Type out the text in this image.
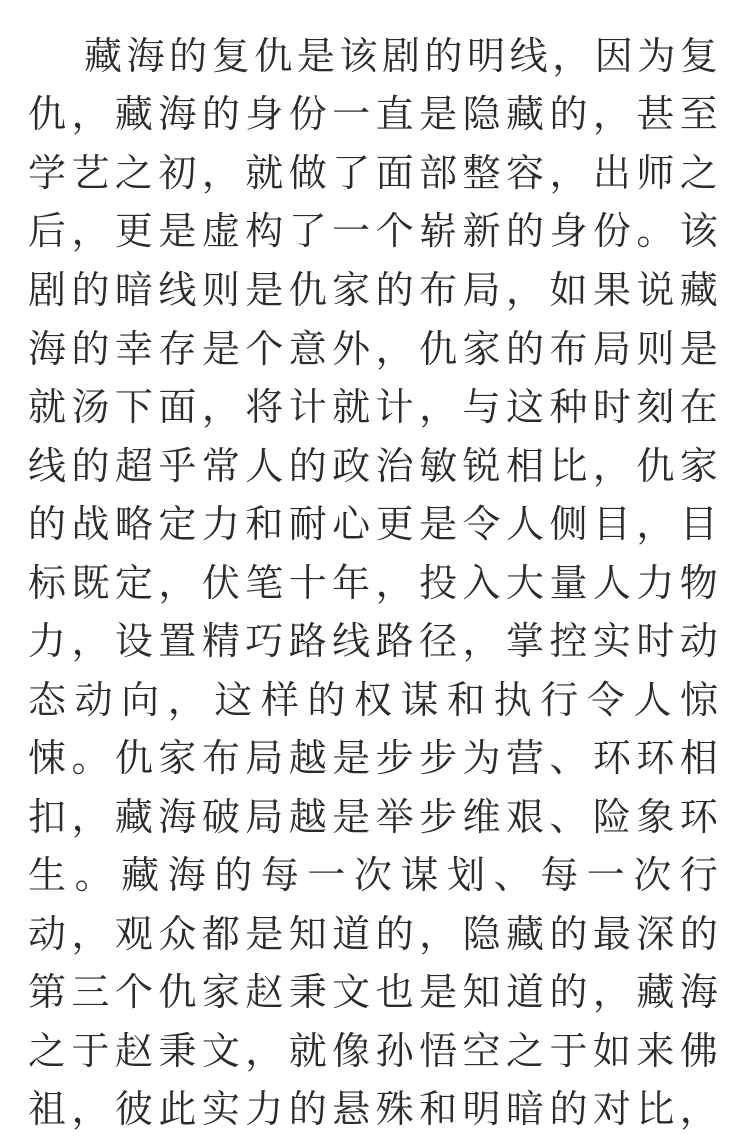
藏 海 的 复 仇 是 该 剧 的 明 线 ， 因 为 复
仇 ， 藏 海 的 身 份 一 直 是 隐 藏 的 ， 甚 至
学 艺 之 初 ， 就 做 了 面 部 整 容 ， 出 师 之
后 ， 更 是 虚 构 了 一 个 崭 新 的 身 份 。 该
剧 的 暗 线 则 是 仇 家 的 布 局 ， 如 果 说 藏
海 的 幸 存 是 个 意 外 ， 仇 家 的 布 局 则 是
就 汤 下 面 ， 将 计 就 计 ， 与 这 种 时 刻 在
线 的 超 乎 常 人 的 政 治 敏 锐 相 比 ， 仇 家
的 战 略 定 力 和 耐 心 更 是 令 人 侧 目 ， 目
标 既 定 ， 伏 笔 十 年 ， 投 入 大 量 人 力 物
力 ， 设 置 精 巧 路 线 路 径 ， 掌 控 实 时 动
态 动 向 ， 这 样 的 权 谋 和 执 行 令 人 惊
悚 。 仇 家 布 局 越 是 步 步 为 营 、 环 环 相
扣 ， 藏 海 破 局 越 是 举 步 维 艰 、 险 象 环
生 。 藏 海 的 每 一 次 谋 划 、 每 一 次 行
动 ， 观 众 都 是 知 道 的 ， 隐 藏 的 最 深 的
第 三 个 仇 家 赵 秉 文 也 是 知 道 的 ， 藏 海
之 于 赵 秉 文 ， 就 像 孙 悟 空 之 于 如 来 佛
祖 ， 彼 此 实 力 的 悬 殊 和 明 暗 的 对 比 ，
